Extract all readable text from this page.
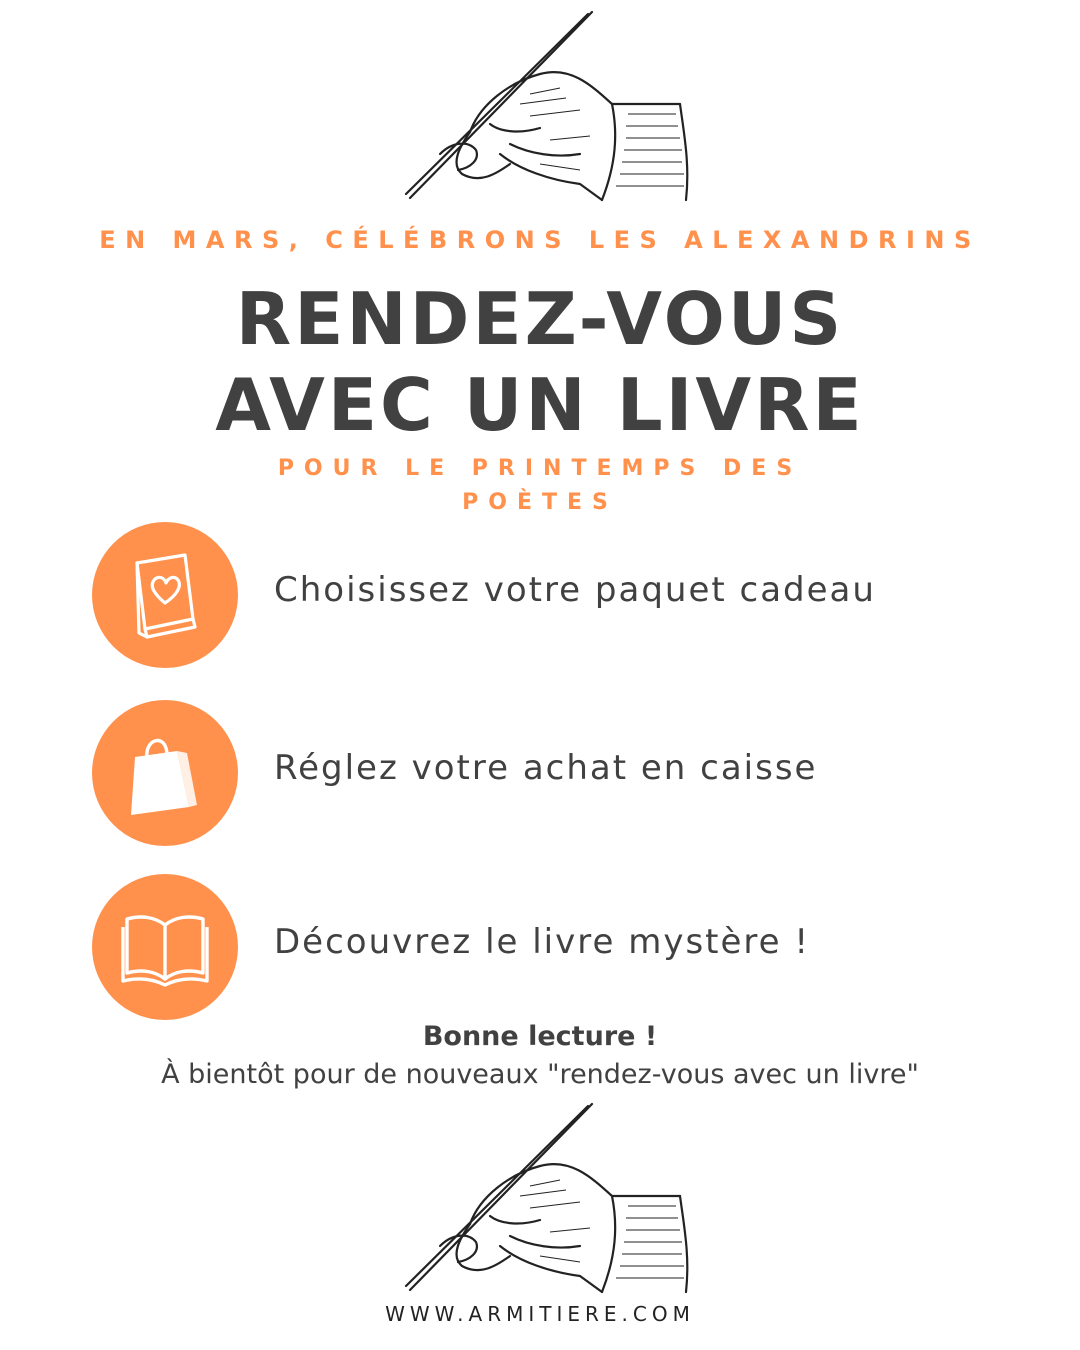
EN MARS, CÉLÉBRONS LES ALEXANDRINS
RENDEZ-VOUS
AVEC UN LIVRE
POUR LE PRINTEMPS DES
POÈTES
Choisissez votre paquet cadeau
Réglez votre achat en caisse
Découvrez le livre mystère !
Bonne lecture !
À bientôt pour de nouveaux "rendez-vous avec un livre"
WWW.ARMITIERE.COM
